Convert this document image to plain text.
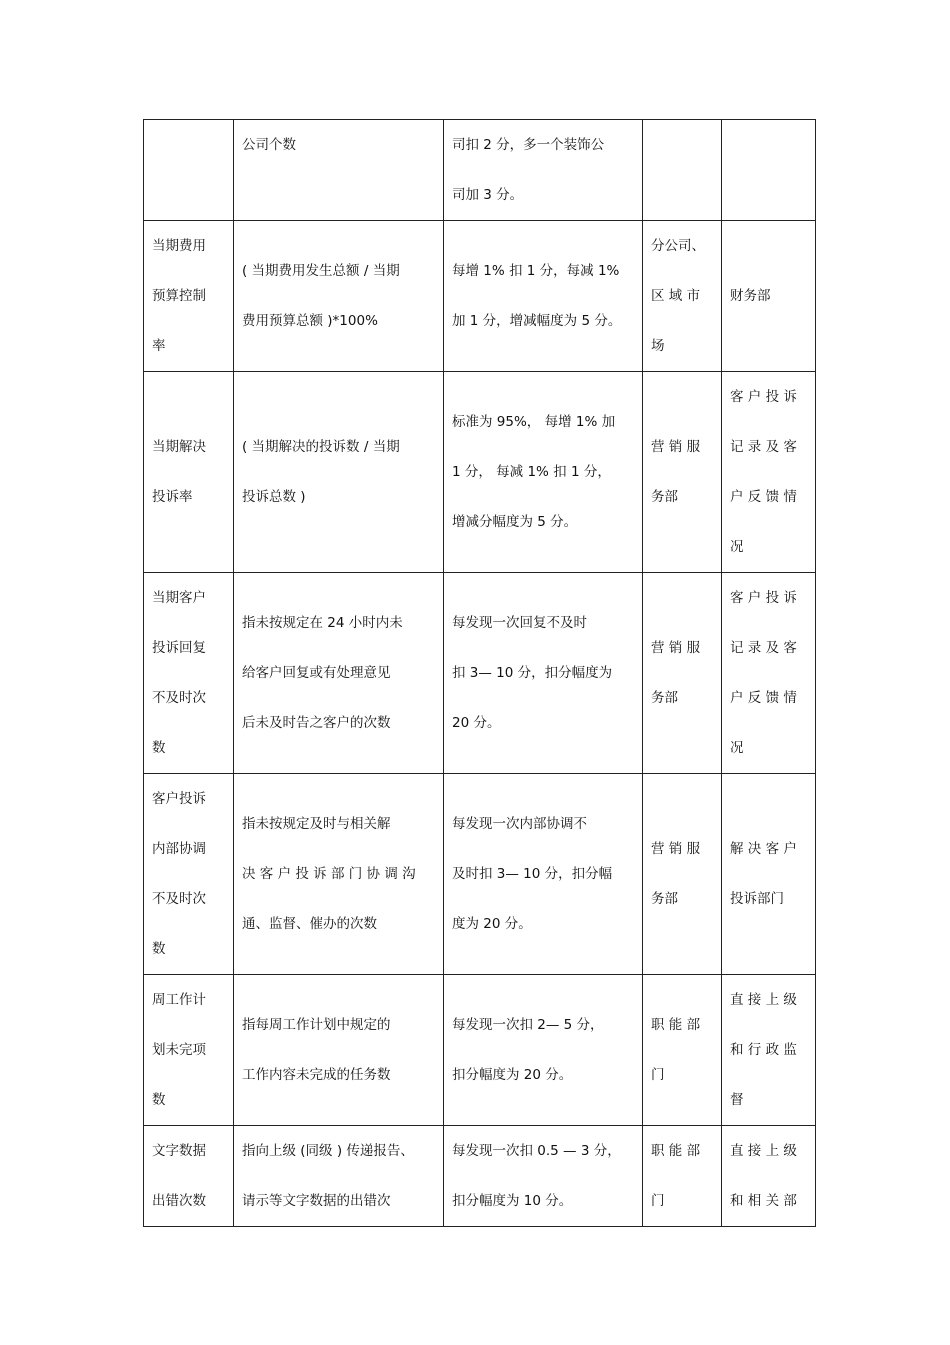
	公司个数	司扣 2 分，多一个装饰公
司加 3 分。		

当期费用
预算控制
率	( 当期费用发生总额 / 当期
费用预算总额 )*100%	每增 1% 扣 1 分，每减 1%
加 1 分，增减幅度为 5 分。	分公司、
区 域 市
场	财务部

当期解决
投诉率	( 当期解决的投诉数 / 当期
投诉总数 )	标准为 95%， 每增 1% 加
1 分， 每减 1% 扣 1 分，
增减分幅度为 5 分。	营 销 服
务部	客 户 投 诉
记 录 及 客
户 反 馈 情
况

当期客户
投诉回复
不及时次
数	指未按规定在 24 小时内未
给客户回复或有处理意见
后未及时告之客户的次数	每发现一次回复不及时
扣 3— 10 分，扣分幅度为
20 分。	营 销 服
务部	客 户 投 诉
记 录 及 客
户 反 馈 情
况

客户投诉
内部协调
不及时次
数	指未按规定及时与相关解
决 客 户 投 诉 部 门 协 调 沟
通、监督、催办的次数	每发现一次内部协调不
及时扣 3— 10 分，扣分幅
度为 20 分。	营 销 服
务部	解 决 客 户
投诉部门

周工作计
划未完项
数	指每周工作计划中规定的
工作内容未完成的任务数	每发现一次扣 2— 5 分，
扣分幅度为 20 分。	职 能 部
门	直 接 上 级
和 行 政 监
督

文字数据
出错次数	指向上级 (同级 ) 传递报告、
请示等文字数据的出错次	每发现一次扣 0.5 — 3 分，
扣分幅度为 10 分。	职 能 部
门	直 接 上 级
和 相 关 部
